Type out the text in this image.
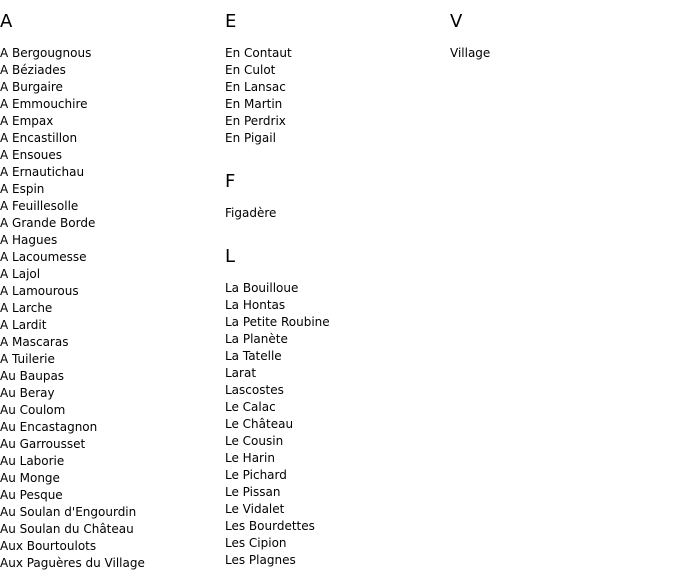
A
A Bergougnous
A Béziades
A Burgaire
A Emmouchire
A Empax
A Encastillon
A Ensoues
A Ernautichau
A Espin
A Feuillesolle
A Grande Borde
A Hagues
A Lacoumesse
A Lajol
A Lamourous
A Larche
A Lardit
A Mascaras
A Tuilerie
Au Baupas
Au Beray
Au Coulom
Au Encastagnon
Au Garrousset
Au Laborie
Au Monge
Au Pesque
Au Soulan d'Engourdin
Au Soulan du Château
Aux Bourtoulots
Aux Paguères du Village
E
En Contaut
En Culot
En Lansac
En Martin
En Perdrix
En Pigail
F
Figadère
L
La Bouilloue
La Hontas
La Petite Roubine
La Planète
La Tatelle
Larat
Lascostes
Le Calac
Le Château
Le Cousin
Le Harin
Le Pichard
Le Pissan
Le Vidalet
Les Bourdettes
Les Cipion
Les Plagnes
V
Village
